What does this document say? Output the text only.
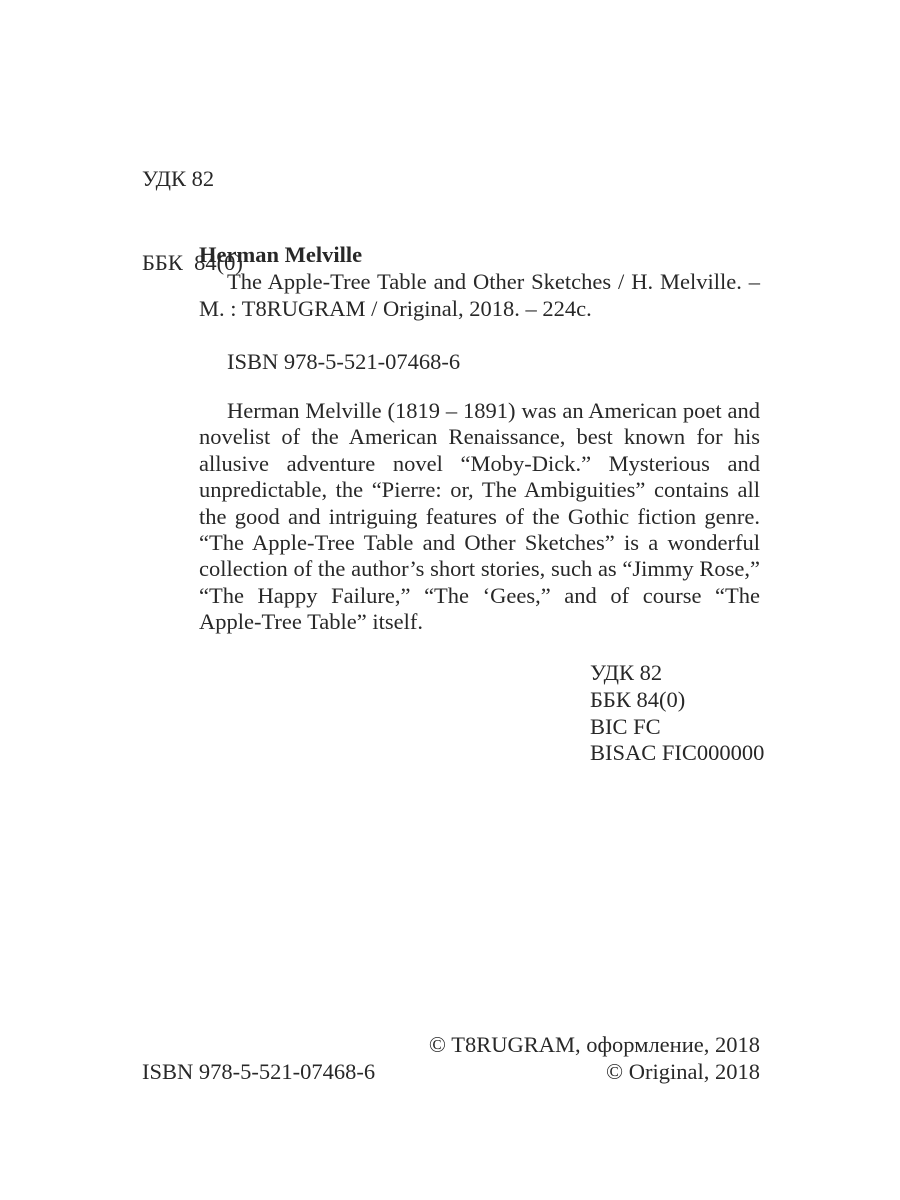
УДК 82

ББК  84(0)

Herman Melville

The Apple-Tree Table and Other Sketches / H. Melville. – M. : T8RUGRAM / Original, 2018. – 224c.

ISBN 978-5-521-07468-6

Herman Melville (1819 – 1891) was an American poet and novelist of the American Renaissance, best known for his allusive adventure novel “Moby-Dick.” Mysterious and unpredictable, the “Pierre: or, The Ambiguities” contains all the good and intriguing features of the Gothic fiction genre. “The Apple-Tree Table and Other Sketches” is a wonderful collection of the author’s short stories, such as “Jimmy Rose,” “The Happy Failure,” “The ‘Gees,” and of course “The Apple-Tree Table” itself.

УДК 82
ББК 84(0)
BIC FC
BISAC FIC000000
© T8RUGRAM, оформление, 2018
ISBN 978-5-521-07468-6	© Original, 2018
